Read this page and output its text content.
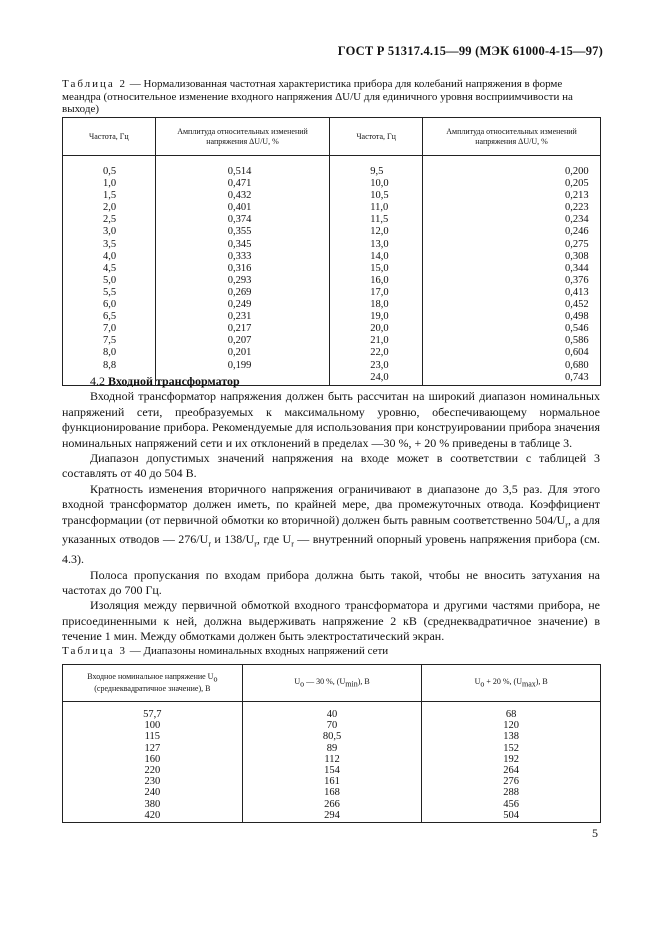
ГОСТ Р 51317.4.15—99 (МЭК 61000-4-15—97)
Таблица 2 — Нормализованная частотная характеристика прибора для колебаний напряжения в форме меандра (относительное изменение входного напряжения ΔU/U для единичного уровня восприимчивости на выходе)
Частота, Гц	Амплитуда относительных изменений напряжения ΔU/U, %	Частота, Гц	Амплитуда относительных изменений напряжения ΔU/U, %
0,5	0,514	9,5	0,200
1,0	0,471	10,0	0,205
1,5	0,432	10,5	0,213
2,0	0,401	11,0	0,223
2,5	0,374	11,5	0,234
3,0	0,355	12,0	0,246
3,5	0,345	13,0	0,275
4,0	0,333	14,0	0,308
4,5	0,316	15,0	0,344
5,0	0,293	16,0	0,376
5,5	0,269	17,0	0,413
6,0	0,249	18,0	0,452
6,5	0,231	19,0	0,498
7,0	0,217	20,0	0,546
7,5	0,207	21,0	0,586
8,0	0,201	22,0	0,604
8,8	0,199	23,0	0,680
		24,0	0,743

4.2 Входной трансформатор

Входной трансформатор напряжения должен быть рассчитан на широкий диапазон номинальных напряжений сети, преобразуемых к максимальному уровню, обеспечивающему нормальное функционирование прибора. Рекомендуемые для использования при конструировании прибора значения номинальных напряжений сети и их отклонений в пределах —30 %, + 20 % приведены в таблице 3.

Диапазон допустимых значений напряжения на входе может в соответствии с таблицей 3 составлять от 40 до 504 В.

Кратность изменения вторичного напряжения ограничивают в диапазоне до 3,5 раз. Для этого входной трансформатор должен иметь, по крайней мере, два промежуточных отвода. Коэффициент трансформации (от первичной обмотки ко вторичной) должен быть равным соответственно $504/U_r$, а для указанных отводов — $276/U_r$ и $138/U_r$, где $U_r$ — внутренний опорный уровень напряжения прибора (см. 4.3).

Полоса пропускания по входам прибора должна быть такой, чтобы не вносить затухания на частотах до 700 Гц.

Изоляция между первичной обмоткой входного трансформатора и другими частями прибора, не присоединенными к ней, должна выдерживать напряжение 2 кВ (среднеквадратичное значение) в течение 1 мин. Между обмотками должен быть электростатический экран.

Таблица 3 — Диапазоны номинальных входных напряжений сети
Входное номинальное напряжение $U_o$
(среднеквадратичное значение), В	$U_o$ — 30 %, $(U_{min})$, В	$U_o + 20$ %, $(U_{max})$, В
57,7	40	68
100	70	120
115	80,5	138
127	89	152
160	112	192
220	154	264
230	161	276
240	168	288
380	266	456
420	294	504
5
